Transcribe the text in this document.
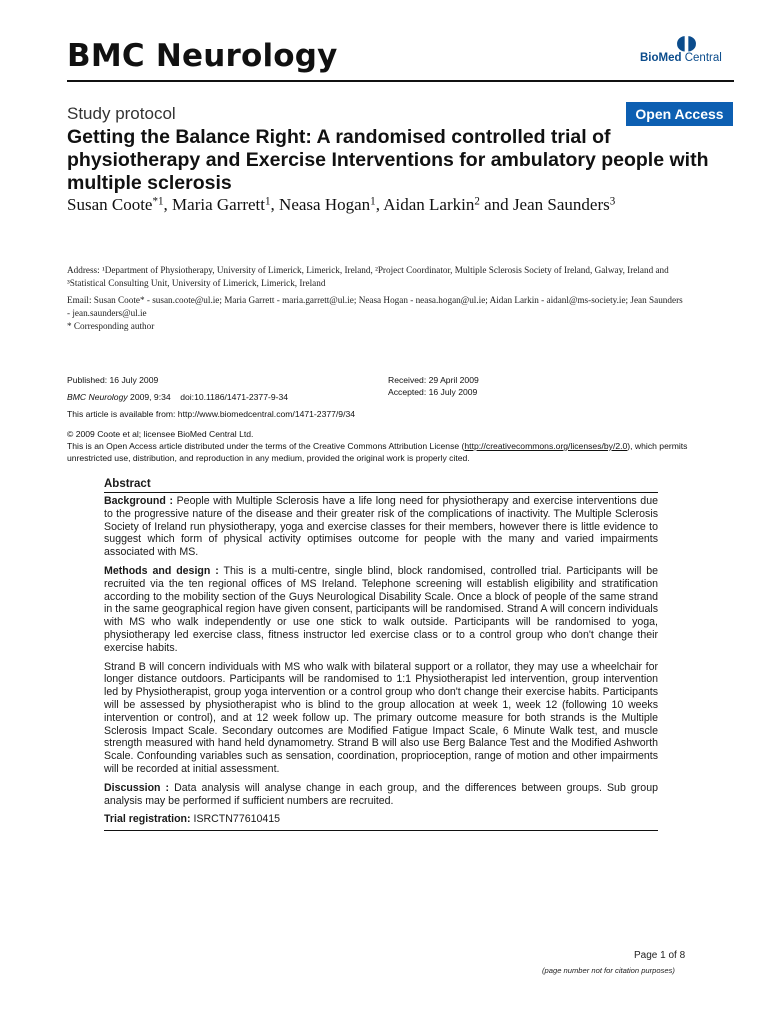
BMC Neurology	◖◗
BioMed Central
Study protocol	Open Access
Getting the Balance Right: A randomised controlled trial of physiotherapy and Exercise Interventions for ambulatory people with multiple sclerosis
Susan Coote$^{*1}$, Maria Garrett$^1$, Neasa Hogan$^1$, Aidan Larkin$^2$ and Jean Saunders$^3$
Address: ¹Department of Physiotherapy, University of Limerick, Limerick, Ireland, ²Project Coordinator, Multiple Sclerosis Society of Ireland, Galway, Ireland and ³Statistical Consulting Unit, University of Limerick, Limerick, Ireland
Email: Susan Coote* - susan.coote@ul.ie; Maria Garrett - maria.garrett@ul.ie; Neasa Hogan - neasa.hogan@ul.ie; Aidan Larkin - aidanl@ms-society.ie; Jean Saunders - jean.saunders@ul.ie
* Corresponding author
Published: 16 July 2009
BMC Neurology 2009, 9:34    doi:10.1186/1471-2377-9-34
Received: 29 April 2009
Accepted: 16 July 2009
This article is available from: http://www.biomedcentral.com/1471-2377/9/34
© 2009 Coote et al; licensee BioMed Central Ltd.
This is an Open Access article distributed under the terms of the Creative Commons Attribution License (http://creativecommons.org/licenses/by/2.0), which permits unrestricted use, distribution, and reproduction in any medium, provided the original work is properly cited.
Abstract

Background : People with Multiple Sclerosis have a life long need for physiotherapy and exercise interventions due to the progressive nature of the disease and their greater risk of the complications of inactivity. The Multiple Sclerosis Society of Ireland run physiotherapy, yoga and exercise classes for their members, however there is little evidence to suggest which form of physical activity optimises outcome for people with the many and varied impairments associated with MS.

Methods and design : This is a multi-centre, single blind, block randomised, controlled trial. Participants will be recruited via the ten regional offices of MS Ireland. Telephone screening will establish eligibility and stratification according to the mobility section of the Guys Neurological Disability Scale. Once a block of people of the same strand in the same geographical region have given consent, participants will be randomised. Strand A will concern individuals with MS who walk independently or use one stick to walk outside. Participants will be randomised to yoga, physiotherapy led exercise class, fitness instructor led exercise class or to a control group who don't change their exercise habits.

Strand B will concern individuals with MS who walk with bilateral support or a rollator, they may use a wheelchair for longer distance outdoors. Participants will be randomised to 1:1 Physiotherapist led intervention, group intervention led by Physiotherapist, group yoga intervention or a control group who don't change their exercise habits. Participants will be assessed by physiotherapist who is blind to the group allocation at week 1, week 12 (following 10 weeks intervention or control), and at 12 week follow up. The primary outcome measure for both strands is the Multiple Sclerosis Impact Scale. Secondary outcomes are Modified Fatigue Impact Scale, 6 Minute Walk test, and muscle strength measured with hand held dynamometry. Strand B will also use Berg Balance Test and the Modified Ashworth Scale. Confounding variables such as sensation, coordination, proprioception, range of motion and other impairments will be recorded at initial assessment.

Discussion : Data analysis will analyse change in each group, and the differences between groups. Sub group analysis may be performed if sufficient numbers are recruited.

Trial registration: ISRCTN77610415

Page 1 of 8
(page number not for citation purposes)
